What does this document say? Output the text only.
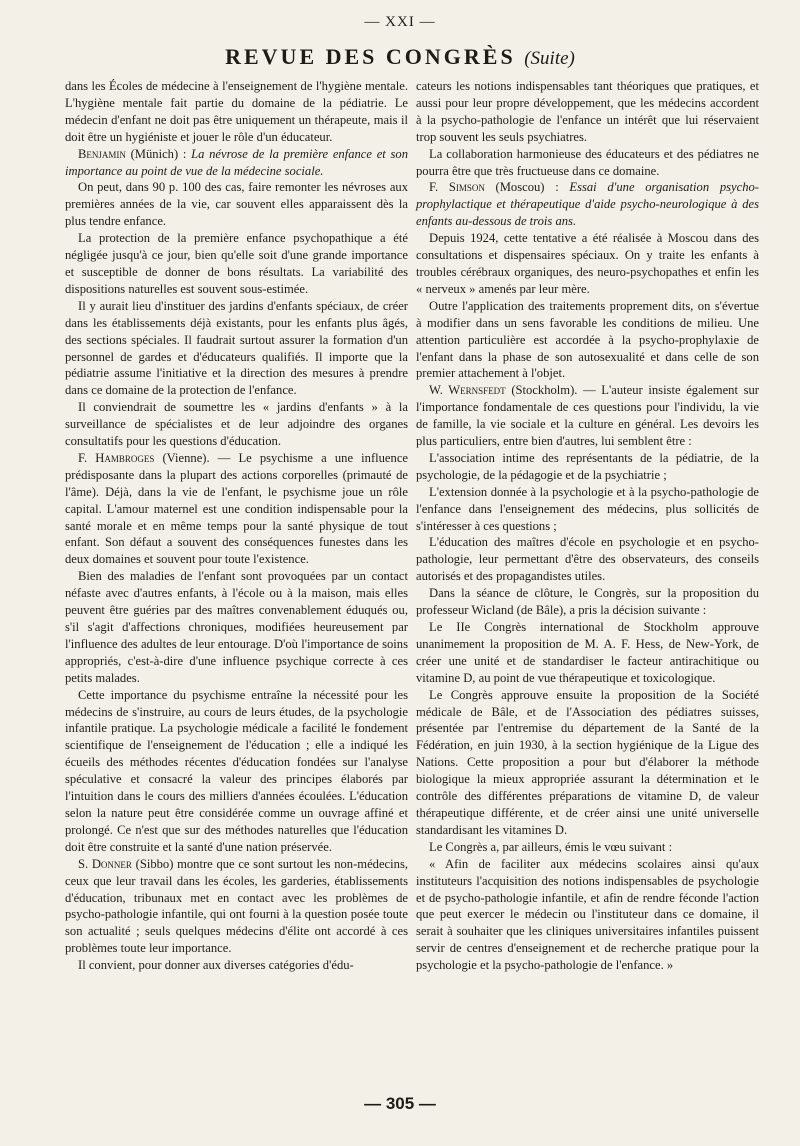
— XXI —
REVUE DES CONGRÈS (Suite)

dans les Écoles de médecine à l'enseignement de l'hygiène mentale. L'hygiène mentale fait partie du domaine de la pédiatrie. Le médecin d'enfant ne doit pas être uniquement un thérapeute, mais il doit être un hygiéniste et jouer le rôle d'un éducateur.

Benjamin (Münich) : La névrose de la première enfance et son importance au point de vue de la médecine sociale.

On peut, dans 90 p. 100 des cas, faire remonter les névroses aux premières années de la vie, car souvent elles apparaissent dès la plus tendre enfance.

La protection de la première enfance psychopathique a été négligée jusqu'à ce jour, bien qu'elle soit d'une grande importance et susceptible de donner de bons résultats. La variabilité des dispositions naturelles est souvent sous-estimée.

Il y aurait lieu d'instituer des jardins d'enfants spéciaux, de créer dans les établissements déjà existants, pour les enfants plus âgés, des sections spéciales. Il faudrait surtout assurer la formation d'un personnel de gardes et d'éducateurs qualifiés. Il importe que la pédiatrie assume l'initiative et la direction des mesures à prendre dans ce domaine de la protection de l'enfance.

Il conviendrait de soumettre les « jardins d'enfants » à la surveillance de spécialistes et de leur adjoindre des organes consultatifs pour les questions d'éducation.

F. Hambroges (Vienne). — Le psychisme a une influence prédisposante dans la plupart des actions corporelles (primauté de l'âme). Déjà, dans la vie de l'enfant, le psychisme joue un rôle capital. L'amour maternel est une condition indispensable pour la santé morale et en même temps pour la santé physique de tout enfant. Son défaut a souvent des conséquences funestes dans les deux domaines et souvent pour toute l'existence.

Bien des maladies de l'enfant sont provoquées par un contact néfaste avec d'autres enfants, à l'école ou à la maison, mais elles peuvent être guéries par des maîtres convenablement éduqués ou, s'il s'agit d'affections chroniques, modifiées heureusement par l'influence des adultes de leur entourage. D'où l'importance de soins appropriés, c'est-à-dire d'une influence psychique correcte à ces petits malades.

Cette importance du psychisme entraîne la nécessité pour les médecins de s'instruire, au cours de leurs études, de la psychologie infantile pratique. La psychologie médicale a facilité le fondement scientifique de l'enseignement de l'éducation ; elle a indiqué les écueils des méthodes récentes d'éducation fondées sur l'analyse spéculative et consacré la valeur des principes élaborés par l'intuition dans le cours des milliers d'années écoulées. L'éducation selon la nature peut être considérée comme un ouvrage affiné et prolongé. Ce n'est que sur des méthodes naturelles que l'éducation doit être construite et la santé d'une nation préservée.

S. Donner (Sibbo) montre que ce sont surtout les non-médecins, ceux que leur travail dans les écoles, les garderies, établissements d'éducation, tribunaux met en contact avec les problèmes de psycho-pathologie infantile, qui ont fourni à la question posée toute son actualité ; seuls quelques médecins d'élite ont accordé à ces problèmes toute leur importance.

Il convient, pour donner aux diverses catégories d'édu-

cateurs les notions indispensables tant théoriques que pratiques, et aussi pour leur propre développement, que les médecins accordent à la psycho-pathologie de l'enfance un intérêt que lui réservaient trop souvent les seuls psychiatres.

La collaboration harmonieuse des éducateurs et des pédiatres ne pourra être que très fructueuse dans ce domaine.

F. Simson (Moscou) : Essai d'une organisation psycho-prophylactique et thérapeutique d'aide psycho-neurologique à des enfants au-dessous de trois ans.

Depuis 1924, cette tentative a été réalisée à Moscou dans des consultations et dispensaires spéciaux. On y traite les enfants à troubles cérébraux organiques, des neuro-psychopathes et enfin les « nerveux » amenés par leur mère.

Outre l'application des traitements proprement dits, on s'évertue à modifier dans un sens favorable les conditions de milieu. Une attention particulière est accordée à la psycho-prophylaxie de l'enfant dans la phase de son autosexualité et dans celle de son premier attachement à l'objet.

W. Wernsfedt (Stockholm). — L'auteur insiste également sur l'importance fondamentale de ces questions pour l'individu, la vie de famille, la vie sociale et la culture en général. Les devoirs les plus particuliers, entre bien d'autres, lui semblent être :

L'association intime des représentants de la pédiatrie, de la psychologie, de la pédagogie et de la psychiatrie ;

L'extension donnée à la psychologie et à la psycho-pathologie de l'enfance dans l'enseignement des médecins, plus sollicités de s'intéresser à ces questions ;

L'éducation des maîtres d'école en psychologie et en psycho-pathologie, leur permettant d'être des observateurs, des conseils autorisés et des propagandistes utiles.

Dans la séance de clôture, le Congrès, sur la proposition du professeur Wicland (de Bâle), a pris la décision suivante :

Le IIe Congrès international de Stockholm approuve unanimement la proposition de M. A. F. Hess, de New-York, de créer une unité et de standardiser le facteur antirachitique ou vitamine D, au point de vue thérapeutique et toxicologique.

Le Congrès approuve ensuite la proposition de la Société médicale de Bâle, et de l'Association des pédiatres suisses, présentée par l'entremise du département de la Santé de la Fédération, en juin 1930, à la section hygiénique de la Ligue des Nations. Cette proposition a pour but d'élaborer la méthode biologique la mieux appropriée assurant la détermination et le contrôle des différentes préparations de vitamine D, de valeur thérapeutique différente, et de créer ainsi une unité universelle standardisant les vitamines D.

Le Congrès a, par ailleurs, émis le vœu suivant :

« Afin de faciliter aux médecins scolaires ainsi qu'aux instituteurs l'acquisition des notions indispensables de psychologie et de psycho-pathologie infantile, et afin de rendre féconde l'action que peut exercer le médecin ou l'instituteur dans ce domaine, il serait à souhaiter que les cliniques universitaires infantiles puissent servir de centres d'enseignement et de recherche pratique pour la psychologie et la psycho-pathologie de l'enfance. »

— 305 —
